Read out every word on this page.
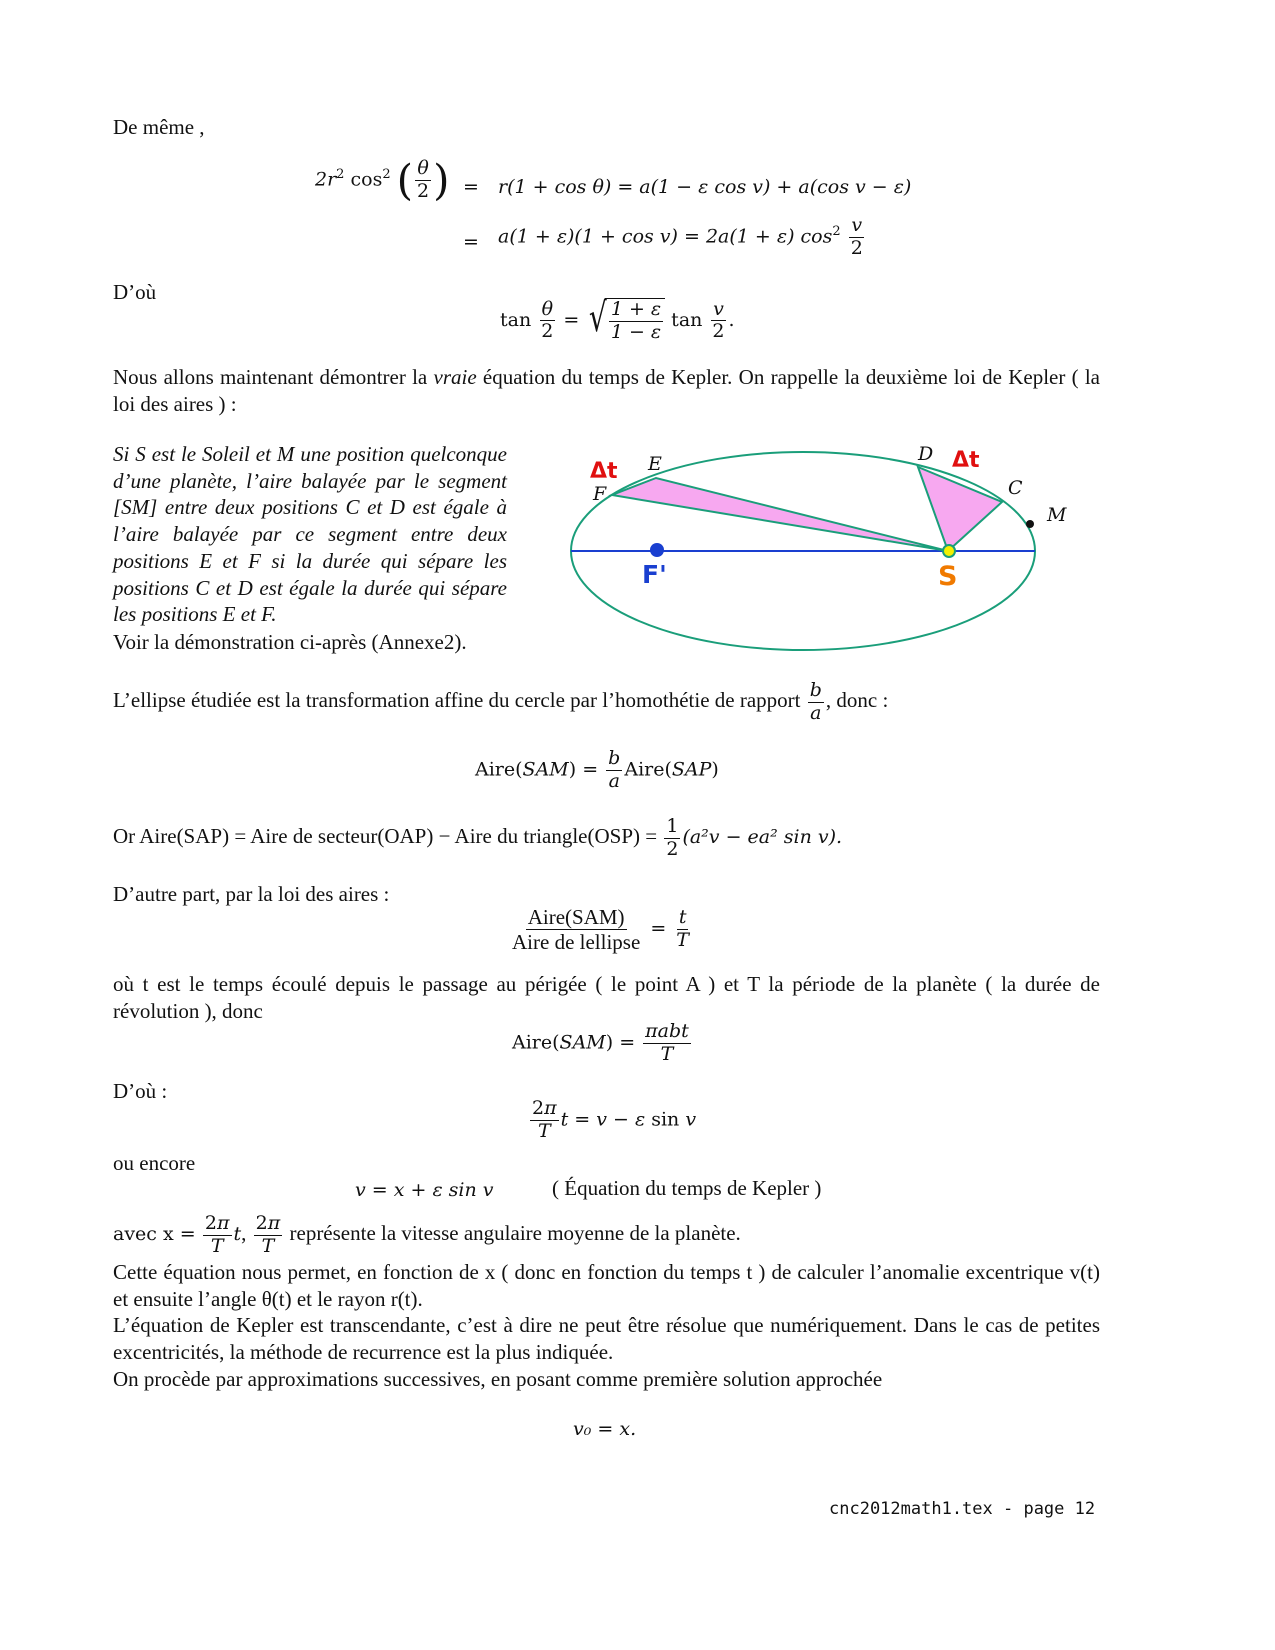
De même ,
$2r^2$ $\cos^2$ ( $\frac{\theta}{2}$ ) = r(1 + cos θ) = a(1 − ε cos v) + a(cos v − ε)
= a(1 + ε)(1 + cos v) = 2a(1 + ε) $\cos^2 \frac{v}{2}$
D’où
$\tan \frac{\theta}{2}$ = √ $\frac{1 + \varepsilon}{1 - \varepsilon}$ $\tan \frac{v}{2}$ .
Nous allons maintenant démontrer la vraie équation du temps de Kepler. On rappelle la deuxième loi de Kepler ( la loi des aires ) :
Si S est le Soleil et M une position quelconque d’une planète, l’aire balayée par le segment [SM] entre deux positions C et D est égale à l’aire balayée par ce segment entre deux positions E et F si la durée qui sépare les positions C et D est égale la durée qui sépare les positions E et F.
Voir la démonstration ci-après (Annexe2).
Δt	Δt
E
F
D
C
M
F'	S
L’ellipse étudiée est la transformation affine du cercle par l’homothétie de rapport $\frac{b}{a}$ , donc :
Aire(SAM) = $\frac{b}{a}$ Aire(SAP)
Or Aire(SAP) = Aire de secteur(OAP) − Aire du triangle(OSP) = $\frac{1}{2} (a^2v - ea^2$ sin v).
D’autre part, par la loi des aires :
$\frac{\text{Aire(SAM)}}{\text{Aire de lellipse}} = \frac{t}{T}$
où t est le temps écoulé depuis le passage au périgée ( le point A ) et T la période de la planète ( la durée de révolution ), donc
Aire(SAM) = $\frac{\text{πabt}}{T}$
D’où :
$\frac{2\pi}{T}$ t = v − ε sin v
ou encore
v = x + ε sin v	( Équation du temps de Kepler )
avec $x = \frac{2\pi}{T} t$, $\frac{2\pi}{T}$ représente la vitesse angulaire moyenne de la planète.
Cette équation nous permet, en fonction de x ( donc en fonction du temps t ) de calculer l’anomalie excentrique v(t) et ensuite l’angle θ(t) et le rayon r(t).
L’équation de Kepler est transcendante, c’est à dire ne peut être résolue que numériquement. Dans le cas de petites excentricités, la méthode de recurrence est la plus indiquée.
On procède par approximations successives, en posant comme première solution approchée
v₀ = x.
cnc2012math1.tex - page 12
